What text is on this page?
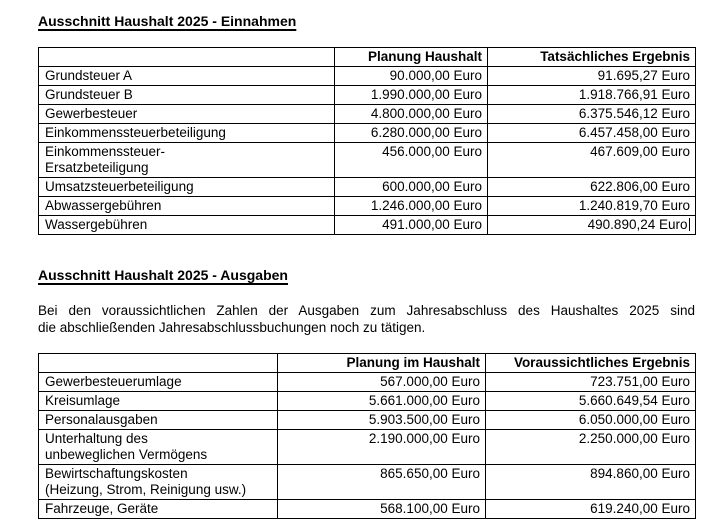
Ausschnitt Haushalt 2025 - Einnahmen
	Planung Haushalt	Tatsächliches Ergebnis
Grundsteuer A	90.000,00 Euro	91.695,27 Euro
Grundsteuer B	1.990.000,00 Euro	1.918.766,91 Euro
Gewerbesteuer	4.800.000,00 Euro	6.375.546,12 Euro
Einkommenssteuerbeteiligung	6.280.000,00 Euro	6.457.458,00 Euro
Einkommenssteuer-
Ersatzbeteiligung	456.000,00 Euro	467.609,00 Euro
Umsatzsteuerbeteiligung	600.000,00 Euro	622.806,00 Euro
Abwassergebühren	1.246.000,00 Euro	1.240.819,70 Euro
Wassergebühren	491.000,00 Euro	490.890,24 Euro
Ausschnitt Haushalt 2025 - Ausgaben
Bei den voraussichtlichen Zahlen der Ausgaben zum Jahresabschluss des Haushaltes 2025 sind
die abschließenden Jahresabschlussbuchungen noch zu tätigen.
	Planung im Haushalt	Voraussichtliches Ergebnis
Gewerbesteuerumlage	567.000,00 Euro	723.751,00 Euro
Kreisumlage	5.661.000,00 Euro	5.660.649,54 Euro
Personalausgaben	5.903.500,00 Euro	6.050.000,00 Euro
Unterhaltung des
unbeweglichen Vermögens	2.190.000,00 Euro	2.250.000,00 Euro
Bewirtschaftungskosten
(Heizung, Strom, Reinigung usw.)	865.650,00 Euro	894.860,00 Euro
Fahrzeuge, Geräte	568.100,00 Euro	619.240,00 Euro
